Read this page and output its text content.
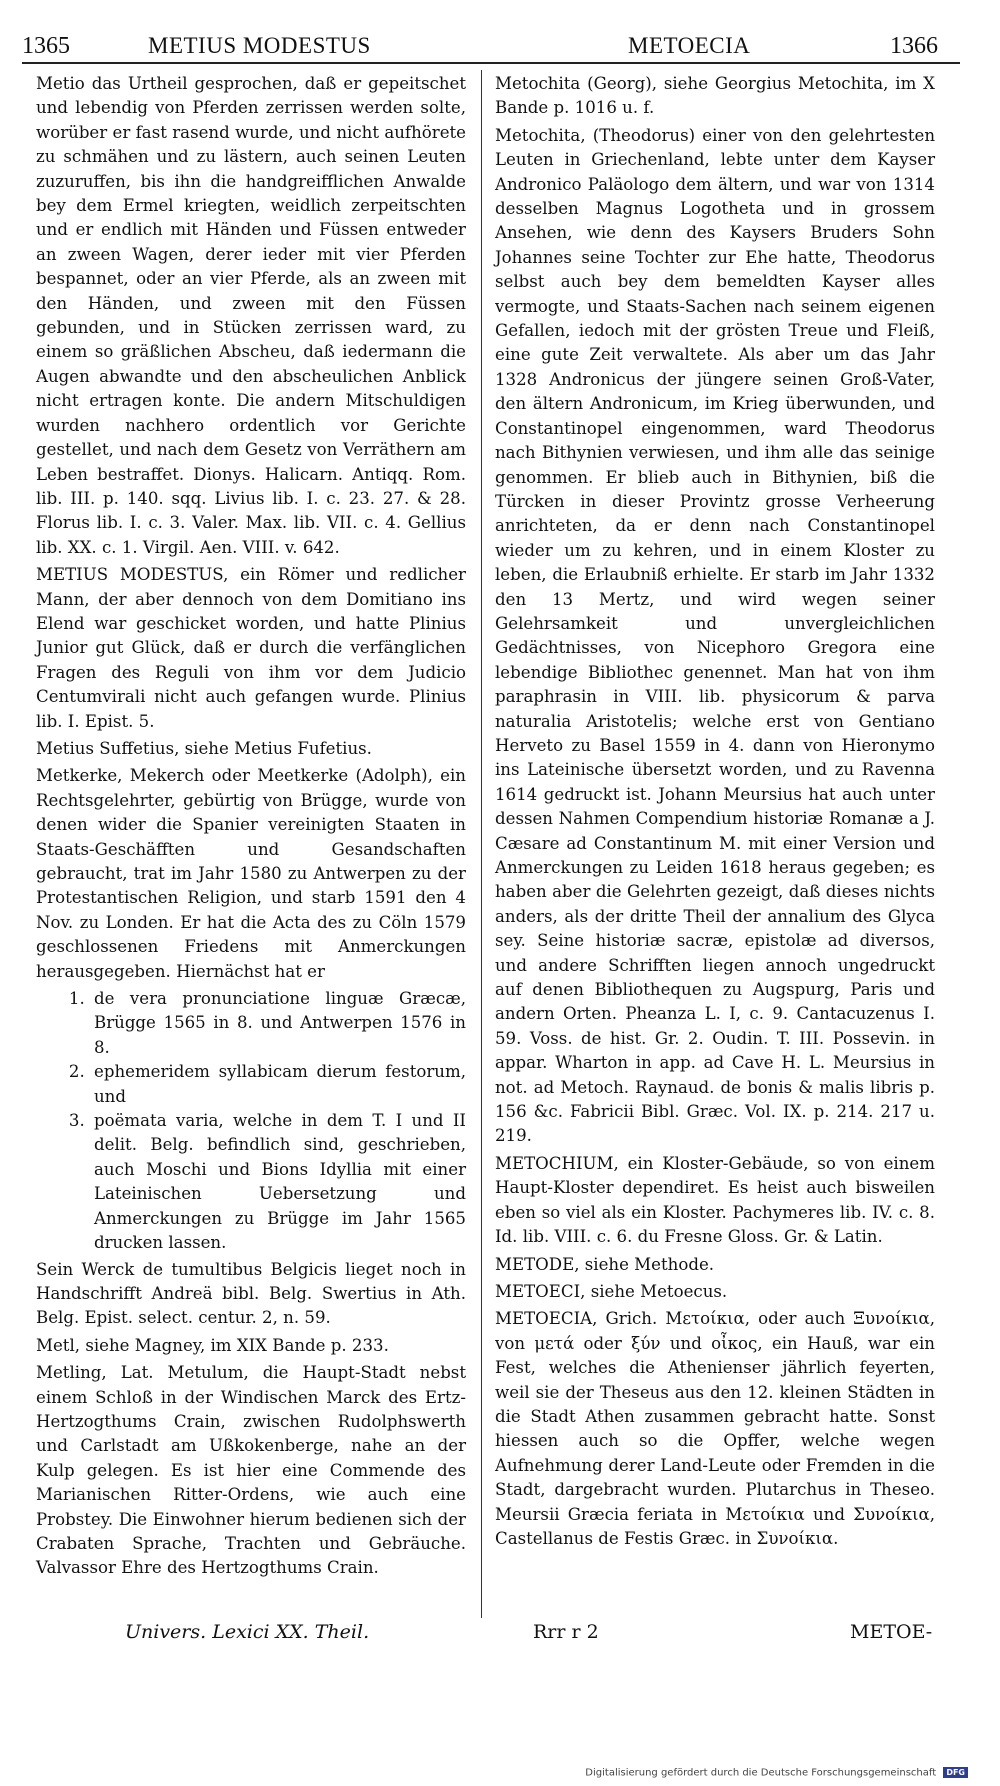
1365	METIUS MODESTUS	METOECIA	1366

Metio das Urtheil gesprochen, daß er gepeitschet und lebendig von Pferden zerrissen werden solte, worüber er fast rasend wurde, und nicht aufhörete zu schmähen und zu lästern, auch seinen Leuten zuzuruffen, bis ihn die handgreifflichen Anwalde bey dem Ermel kriegten, weidlich zerpeitschten und er endlich mit Händen und Füssen entweder an zween Wagen, derer ieder mit vier Pferden bespannet, oder an vier Pferde, als an zween mit den Händen, und zween mit den Füssen gebunden, und in Stücken zerrissen ward, zu einem so gräßlichen Abscheu, daß iedermann die Augen abwandte und den abscheulichen Anblick nicht ertragen konte. Die andern Mitschuldigen wurden nachhero ordentlich vor Gerichte gestellet, und nach dem Gesetz von Verräthern am Leben bestraffet. Dionys. Halicarn. Antiqq. Rom. lib. III. p. 140. sqq. Livius lib. I. c. 23. 27. & 28. Florus lib. I. c. 3. Valer. Max. lib. VII. c. 4. Gellius lib. XX. c. 1. Virgil. Aen. VIII. v. 642.

METIUS MODESTUS, ein Römer und redlicher Mann, der aber dennoch von dem Domitiano ins Elend war geschicket worden, und hatte Plinius Junior gut Glück, daß er durch die verfänglichen Fragen des Reguli von ihm vor dem Judicio Centumvirali nicht auch gefangen wurde. Plinius lib. I. Epist. 5.

Metius Suffetius, siehe Metius Fufetius.

Metkerke, Mekerch oder Meetkerke (Adolph), ein Rechtsgelehrter, gebürtig von Brügge, wurde von denen wider die Spanier vereinigten Staaten in Staats-Geschäfften und Gesandschaften gebraucht, trat im Jahr 1580 zu Antwerpen zu der Protestantischen Religion, und starb 1591 den 4 Nov. zu Londen. Er hat die Acta des zu Cöln 1579 geschlossenen Friedens mit Anmerckungen herausgegeben. Hiernächst hat er

1. de vera pronunciatione linguæ Græcæ, Brügge 1565 in 8. und Antwerpen 1576 in 8.
2. ephemeridem syllabicam dierum festorum, und
3. poëmata varia, welche in dem T. I und II delit. Belg. befindlich sind, geschrieben, auch Moschi und Bions Idyllia mit einer Lateinischen Uebersetzung und Anmerckungen zu Brügge im Jahr 1565 drucken lassen.

Sein Werck de tumultibus Belgicis lieget noch in Handschrifft Andreä bibl. Belg. Swertius in Ath. Belg. Epist. select. centur. 2, n. 59.

Metl, siehe Magney, im XIX Bande p. 233.

Metling, Lat. Metulum, die Haupt-Stadt nebst einem Schloß in der Windischen Marck des Ertz-Hertzogthums Crain, zwischen Rudolphswerth und Carlstadt am Ußkokenberge, nahe an der Kulp gelegen. Es ist hier eine Commende des Marianischen Ritter-Ordens, wie auch eine Probstey. Die Einwohner hierum bedienen sich der Crabaten Sprache, Trachten und Gebräuche. Valvassor Ehre des Hertzogthums Crain.

Metochita (Georg), siehe Georgius Metochita, im X Bande p. 1016 u. f.

Metochita, (Theodorus) einer von den gelehrtesten Leuten in Griechenland, lebte unter dem Kayser Andronico Paläologo dem ältern, und war von 1314 desselben Magnus Logotheta und in grossem Ansehen, wie denn des Kaysers Bruders Sohn Johannes seine Tochter zur Ehe hatte, Theodorus selbst auch bey dem bemeldten Kayser alles vermogte, und Staats-Sachen nach seinem eigenen Gefallen, iedoch mit der grösten Treue und Fleiß, eine gute Zeit verwaltete. Als aber um das Jahr 1328 Andronicus der jüngere seinen Groß-Vater, den ältern Andronicum, im Krieg überwunden, und Constantinopel eingenommen, ward Theodorus nach Bithynien verwiesen, und ihm alle das seinige genommen. Er blieb auch in Bithynien, biß die Türcken in dieser Provintz grosse Verheerung anrichteten, da er denn nach Constantinopel wieder um zu kehren, und in einem Kloster zu leben, die Erlaubniß erhielte. Er starb im Jahr 1332 den 13 Mertz, und wird wegen seiner Gelehrsamkeit und unvergleichlichen Gedächtnisses, von Nicephoro Gregora eine lebendige Bibliothec genennet. Man hat von ihm paraphrasin in VIII. lib. physicorum & parva naturalia Aristotelis; welche erst von Gentiano Herveto zu Basel 1559 in 4. dann von Hieronymo ins Lateinische übersetzt worden, und zu Ravenna 1614 gedruckt ist. Johann Meursius hat auch unter dessen Nahmen Compendium historiæ Romanæ a J. Cæsare ad Constantinum M. mit einer Version und Anmerckungen zu Leiden 1618 heraus gegeben; es haben aber die Gelehrten gezeigt, daß dieses nichts anders, als der dritte Theil der annalium des Glyca sey. Seine historiæ sacræ, epistolæ ad diversos, und andere Schrifften liegen annoch ungedruckt auf denen Bibliothequen zu Augspurg, Paris und andern Orten. Pheanza L. I, c. 9. Cantacuzenus I. 59. Voss. de hist. Gr. 2. Oudin. T. III. Possevin. in appar. Wharton in app. ad Cave H. L. Meursius in not. ad Metoch. Raynaud. de bonis & malis libris p. 156 &c. Fabricii Bibl. Græc. Vol. IX. p. 214. 217 u. 219.

METOCHIUM, ein Kloster-Gebäude, so von einem Haupt-Kloster dependiret. Es heist auch bisweilen eben so viel als ein Kloster. Pachymeres lib. IV. c. 8. Id. lib. VIII. c. 6. du Fresne Gloss. Gr. & Latin.

METODE, siehe Methode.

METOECI, siehe Metoecus.

METOECIA, Grich. Μετοίκια, oder auch Ξυνοίκια, von μετά oder ξύν und οἶκος, ein Hauß, war ein Fest, welches die Athenienser jährlich feyerten, weil sie der Theseus aus den 12. kleinen Städten in die Stadt Athen zusammen gebracht hatte. Sonst hiessen auch so die Opffer, welche wegen Aufnehmung derer Land-Leute oder Fremden in die Stadt, dargebracht wurden. Plutarchus in Theseo. Meursii Græcia feriata in Μετοίκια und Συνοίκια, Castellanus de Festis Græc. in Συνοίκια.

Univers. Lexici XX. Theil.	Rrr r 2	METOE-
Digitalisierung gefördert durch die Deutsche Forschungsgemeinschaft DFG
